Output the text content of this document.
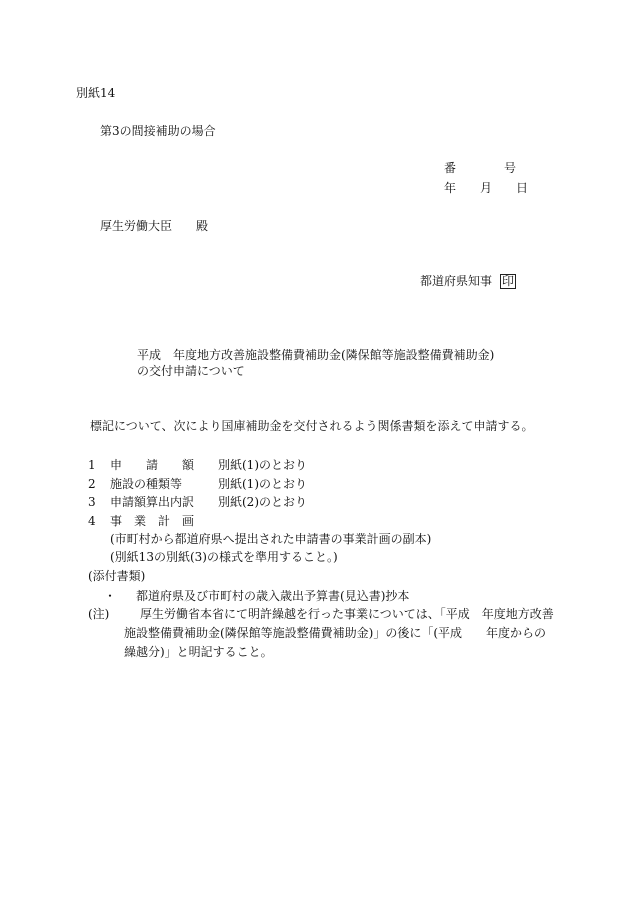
別紙14
第3の間接補助の場合
番　　　　号
年　　月　　日
厚生労働大臣　　殿
都道府県知事 印
平成　年度地方改善施設整備費補助金(隣保館等施設整備費補助金)
の交付申請について
標記について、次により国庫補助金を交付されるよう関係書類を添えて申請する。
1 申　　請　　額 別紙(1)のとおり
2 施設の種類等	別紙(1)のとおり
3 申請額算出内訳 別紙(2)のとおり
4 事　業　計　画
(市町村から都道府県へ提出された申請書の事業計画の副本)
(別紙13の別紙(3)の様式を準用すること。)
(添付書類)
・ 都道府県及び市町村の歳入歳出予算書(見込書)抄本
(注)	厚生労働省本省にて明許繰越を行った事業については、「平成　年度地方改善
施設整備費補助金(隣保館等施設整備費補助金)」の後に「(平成　　年度からの
繰越分)」と明記すること。
